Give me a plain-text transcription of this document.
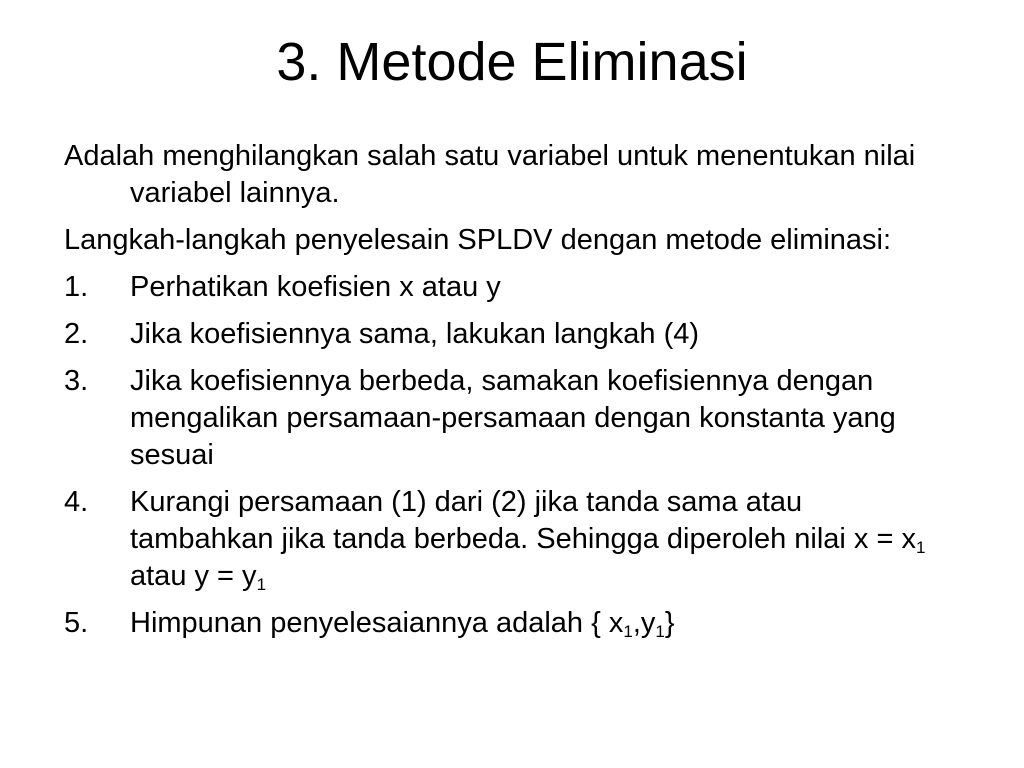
3. Metode Eliminasi

Adalah menghilangkan salah satu variabel untuk menentukan nilai variabel lainnya.

Langkah-langkah penyelesain SPLDV dengan metode eliminasi:

1. Perhatikan koefisien x atau y
2. Jika koefisiennya sama, lakukan langkah (4)
3. Jika koefisiennya berbeda, samakan koefisiennya dengan mengalikan persamaan-persamaan dengan konstanta yang sesuai
4. Kurangi persamaan (1) dari (2) jika tanda sama atau tambahkan jika tanda berbeda. Sehingga diperoleh nilai $x = x_1$ atau $y = y_1$
5. Himpunan penyelesaiannya adalah { $x_1,y_1$}
